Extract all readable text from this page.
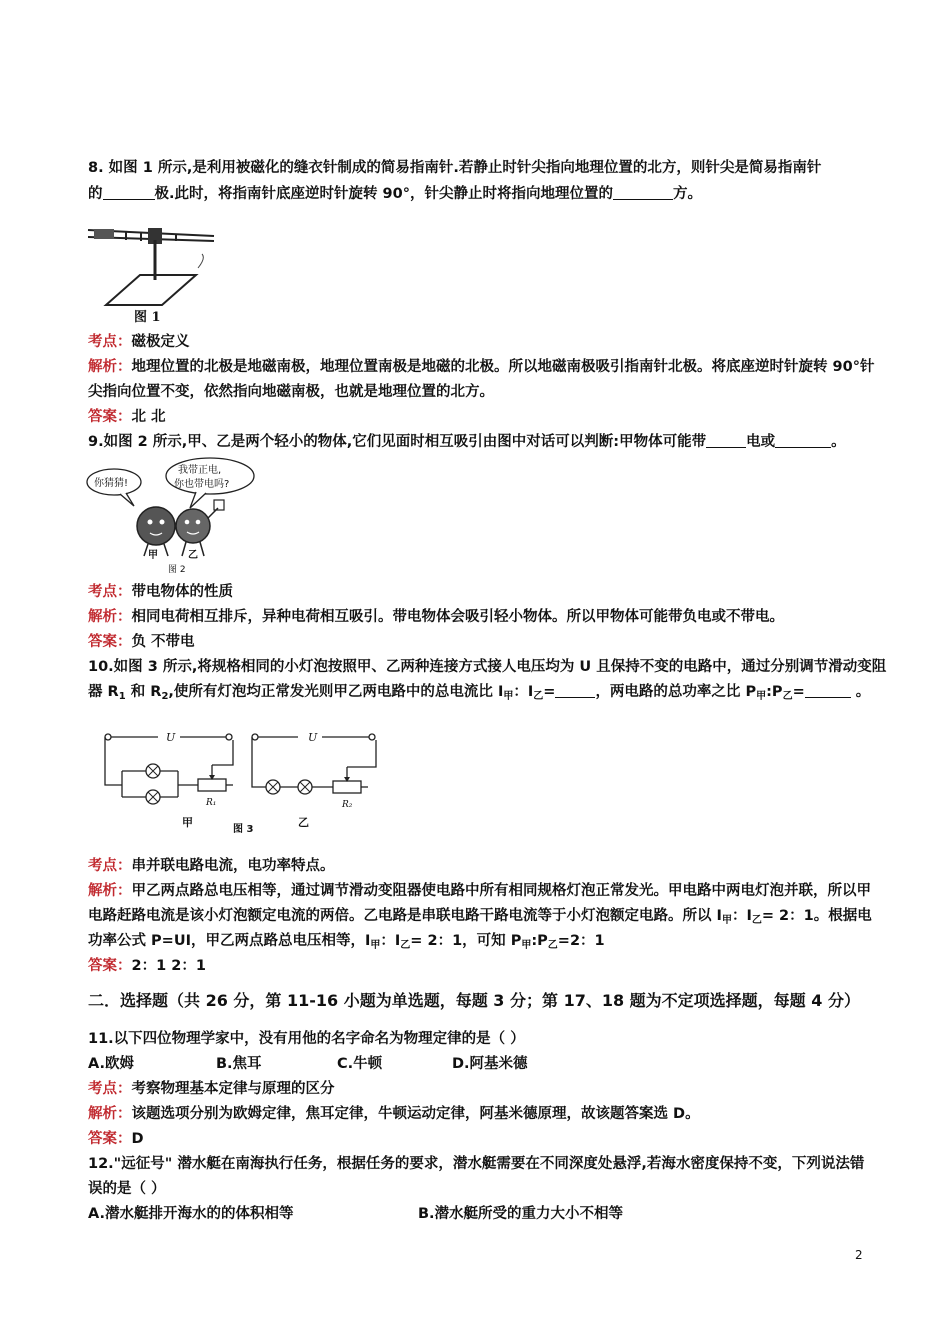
8. 如图 1 所示,是利用被磁化的缝衣针制成的简易指南针.若静止时针尖指向地理位置的北方，则针尖是简易指南针
的	极.此时，将指南针底座逆时针旋转 90°，针尖静止时将指向地理位置的	方。
图 1
考点：磁极定义
解析：地理位置的北极是地磁南极，地理位置南极是地磁的北极。所以地磁南极吸引指南针北极。将底座逆时针旋转 90°针
尖指向位置不变，依然指向地磁南极，也就是地理位置的北方。
答案：北 北
9.如图 2 所示,甲、乙是两个轻小的物体,它们见面时相互吸引由图中对话可以判断:甲物体可能带	电或	。
你猜猜!
我带正电,
你也带电吗?
甲	乙
图 2
考点：带电物体的性质
解析：相同电荷相互排斥，异种电荷相互吸引。带电物体会吸引轻小物体。所以甲物体可能带负电或不带电。
答案：负 不带电
10.如图 3 所示,将规格相同的小灯泡按照甲、乙两种连接方式接人电压均为 U 且保持不变的电路中，通过分别调节滑动变阻
器 $R_1$ 和 $R_2$,使所有灯泡均正常发光则甲乙两电路中的总电流比 $I_甲$：$I_乙=$	，两电路的总功率之比 $P_甲:P_乙=$	。
U
R₁
甲
图 3
U
R₂
乙
考点：串并联电路电流，电功率特点。
解析：甲乙两点路总电压相等，通过调节滑动变阻器使电路中所有相同规格灯泡正常发光。甲电路中两电灯泡并联，所以甲
电路赶路电流是该小灯泡额定电流的两倍。乙电路是串联电路干路电流等于小灯泡额定电路。所以 $I_甲$：$I_乙= 2$：1。根据电
功率公式 P=UI，甲乙两点路总电压相等，$I_甲$：$I_乙= 2$：1，可知 $P_甲:P_乙=2$：1
答案：2：1 2：1
二．选择题（共 26 分，第 11-16 小题为单选题，每题 3 分；第 17、18 题为不定项选择题，每题 4 分）
11.以下四位物理学家中，没有用他的名字命名为物理定律的是（ ）
A.欧姆	B.焦耳	C.牛顿	D.阿基米德
考点：考察物理基本定律与原理的区分
解析：该题选项分别为欧姆定律，焦耳定律，牛顿运动定律，阿基米德原理，故该题答案选 D。
答案：D
12."远征号" 潜水艇在南海执行任务，根据任务的要求，潜水艇需要在不同深度处悬浮,若海水密度保持不变，下列说法错
误的是（ ）
A.潜水艇排开海水的的体积相等	B.潜水艇所受的重力大小不相等
2
